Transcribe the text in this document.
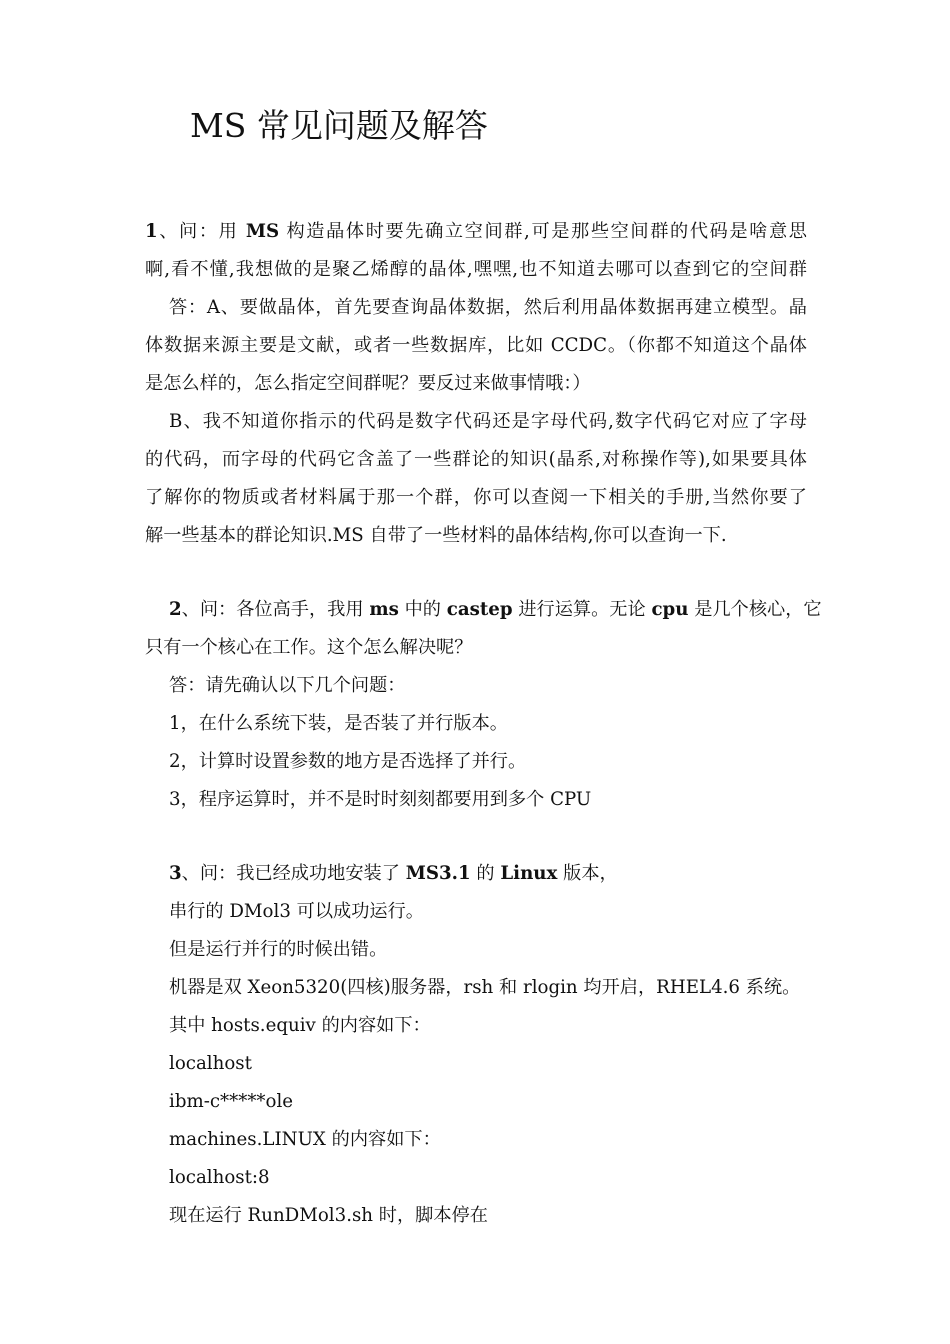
MS 常见问题及解答
1、问：用 MS 构造晶体时要先确立空间群,可是那些空间群的代码是啥意思
啊,看不懂,我想做的是聚乙烯醇的晶体,嘿嘿,也不知道去哪可以查到它的空间群
答：A、要做晶体，首先要查询晶体数据，然后利用晶体数据再建立模型。晶
体数据来源主要是文献，或者一些数据库，比如 CCDC。（你都不知道这个晶体
是怎么样的，怎么指定空间群呢？要反过来做事情哦：）
B、我不知道你指示的代码是数字代码还是字母代码,数字代码它对应了字母
的代码，而字母的代码它含盖了一些群论的知识(晶系,对称操作等),如果要具体
了解你的物质或者材料属于那一个群，你可以查阅一下相关的手册,当然你要了
解一些基本的群论知识.MS 自带了一些材料的晶体结构,你可以查询一下.
2、问：各位高手，我用 ms 中的 castep 进行运算。无论 cpu 是几个核心，它
只有一个核心在工作。这个怎么解决呢？
答：请先确认以下几个问题：
1，在什么系统下装，是否装了并行版本。
2，计算时设置参数的地方是否选择了并行。
3，程序运算时，并不是时时刻刻都要用到多个 CPU
3、问：我已经成功地安装了 MS3.1 的 Linux 版本，
串行的 DMol3 可以成功运行。
但是运行并行的时候出错。
机器是双 Xeon5320(四核)服务器，rsh 和 rlogin 均开启，RHEL4.6 系统。
其中 hosts.equiv 的内容如下：
localhost
ibm-c*****ole
machines.LINUX 的内容如下：
localhost:8
现在运行 RunDMol3.sh 时，脚本停在
